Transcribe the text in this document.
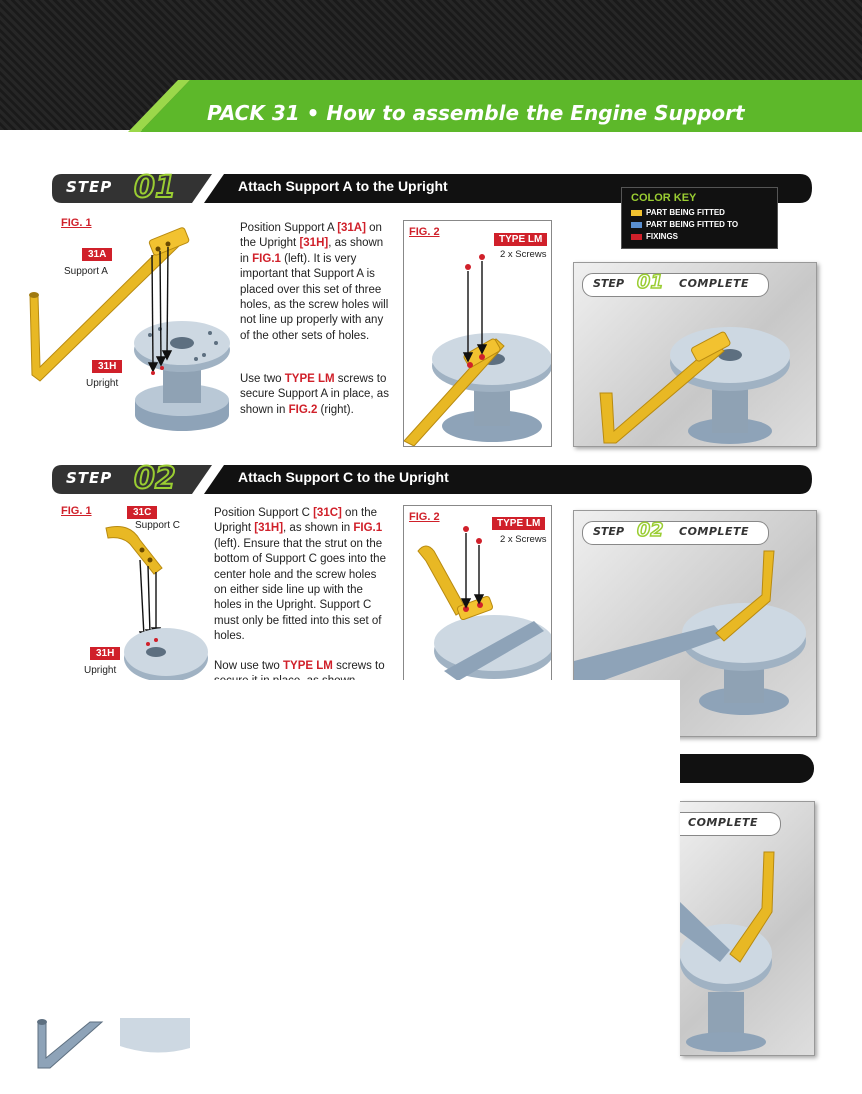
PACK 31 • How to assemble the Engine Support
STEP 01	Attach Support A to the Upright
COLOR KEY
PART BEING FITTED
PART BEING FITTED TO
FIXINGS
FIG. 1
31A
Support A
31H
Upright
Position Support A [31A] on the Upright [31H], as shown in FIG.1 (left). It is very important that Support A is placed over this set of three holes, as the screw holes will not line up properly with any of the other sets of holes.
Use two TYPE LM screws to secure Support A in place, as shown in FIG.2 (right).
FIG. 2
TYPE LM
2 x Screws
STEP 01 COMPLETE
STEP 02	Attach Support C to the Upright
FIG. 1	31C
Support C
31H
Upright
Position Support C [31C] on the Upright [31H], as shown in FIG.1 (left). Ensure that the strut on the bottom of Support C goes into the center hole and the screw holes on either side line up with the holes in the Upright. Support C must only be fitted into this set of holes.
Now use two TYPE LM screws to
FIG. 2
TYPE LM
2 x Screws
STEP 02 COMPLETE
COMPLETE
